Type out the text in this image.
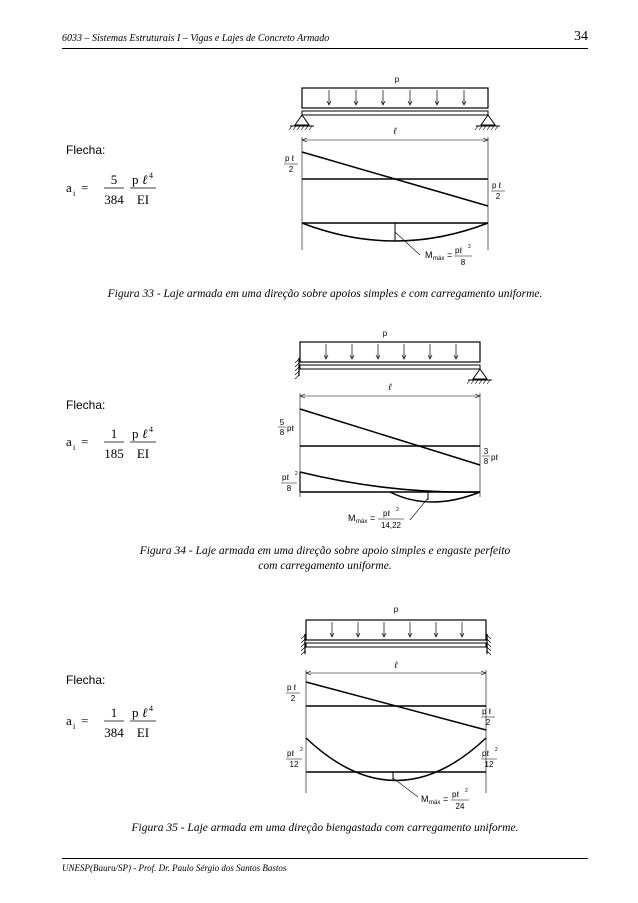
6033 – Sistemas Estruturais I – Vigas e Lajes de Concreto Armado	34
Flecha:
a i =
5
384
p ℓ 4
EI
p
ℓ
p ℓ
2
p ℓ
2
M máx = pℓ 2
8
Figura 33 - Laje armada em uma direção sobre apoios simples e com carregamento uniforme.
Flecha:
a i =
1
185
p ℓ 4
EI
p
ℓ
5
8 pℓ
3
8 pℓ
pℓ 2
8
M máx = pℓ 2
14,22
Figura 34 - Laje armada em uma direção sobre apoio simples e engaste perfeito
com carregamento uniforme.
Flecha:
a i =
1
384
p ℓ 4
EI
p
ℓ
p ℓ
2
p ℓ
2
pℓ 2
12
pℓ 2
12
M máx = pℓ 2
24
Figura 35 - Laje armada em uma direção biengastada com carregamento uniforme.
UNESP(Bauru/SP) - Prof. Dr. Paulo Sérgio dos Santos Bastos
